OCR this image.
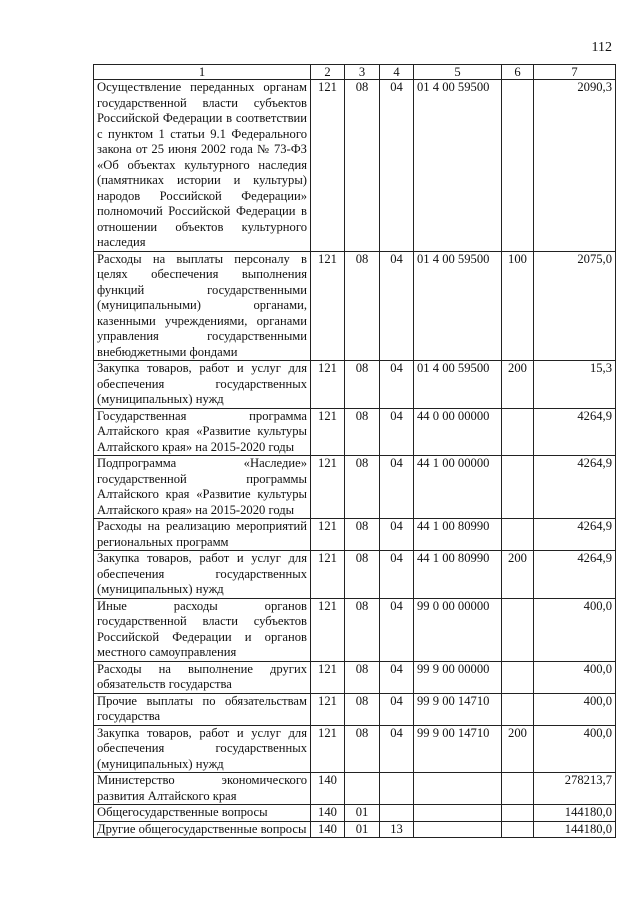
112
1	2	3	4	5	6	7
Осуществление переданных органам государственной власти субъектов Российской Федерации в соответствии с пунктом 1 статьи 9.1 Федерального закона от 25 июня 2002 года № 73-ФЗ «Об объектах культурного наследия (памятниках истории и культуры) народов Российской Федерации» полномочий Российской Федерации в отношении объектов культурного наследия	121	08	04	01 4 00 59500		2090,3
Расходы на выплаты персоналу в целях обеспечения выполнения функций государственными (муниципальными) органами, казенными учреждениями, органами управления государственными внебюджетными фондами	121	08	04	01 4 00 59500	100	2075,0
Закупка товаров, работ и услуг для обеспечения государственных (муниципальных) нужд	121	08	04	01 4 00 59500	200	15,3
Государственная программа Алтайского края «Развитие культуры Алтайского края» на 2015-2020 годы	121	08	04	44 0 00 00000		4264,9
Подпрограмма «Наследие» государственной программы Алтайского края «Развитие культуры Алтайского края» на 2015-2020 годы	121	08	04	44 1 00 00000		4264,9
Расходы на реализацию мероприятий региональных программ	121	08	04	44 1 00 80990		4264,9
Закупка товаров, работ и услуг для обеспечения государственных (муниципальных) нужд	121	08	04	44 1 00 80990	200	4264,9
Иные расходы органов государственной власти субъектов Российской Федерации и органов местного самоуправления	121	08	04	99 0 00 00000		400,0
Расходы на выполнение других обязательств государства	121	08	04	99 9 00 00000		400,0
Прочие выплаты по обязательствам государства	121	08	04	99 9 00 14710		400,0
Закупка товаров, работ и услуг для обеспечения государственных (муниципальных) нужд	121	08	04	99 9 00 14710	200	400,0
Министерство экономического развития Алтайского края	140					278213,7
Общегосударственные вопросы	140	01				144180,0
Другие общегосударственные вопросы	140	01	13			144180,0
